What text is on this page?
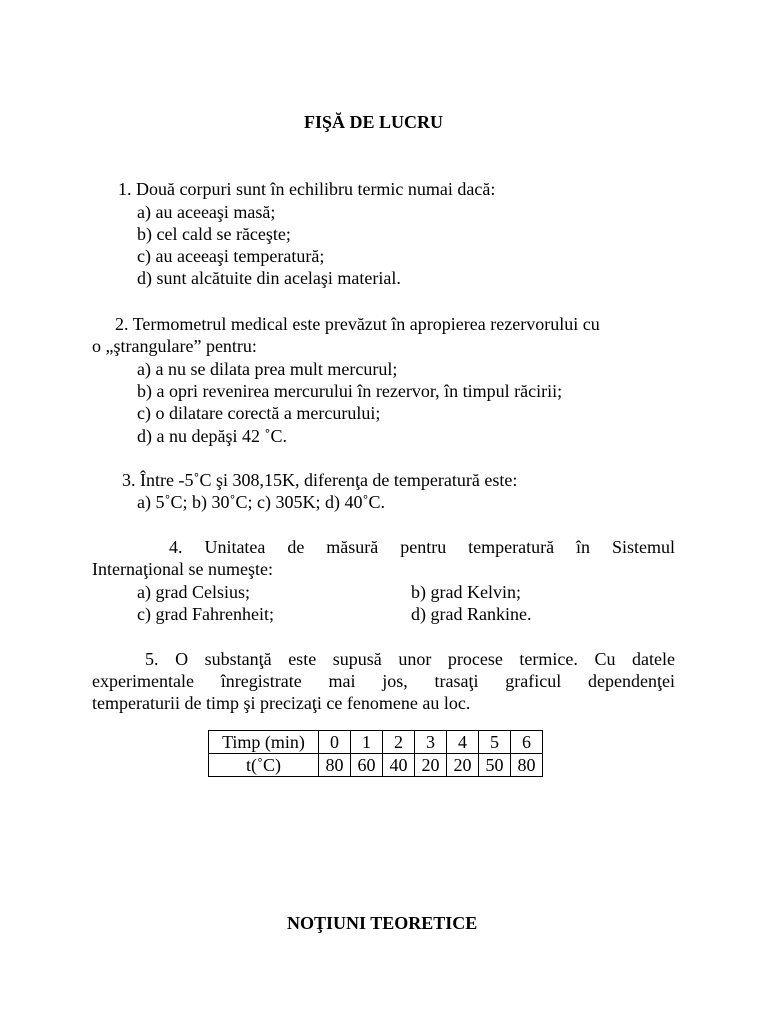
FIŞĂ DE LUCRU
1. Două corpuri sunt în echilibru termic numai dacă:
a) au aceeaşi masă;
b) cel cald se răceşte;
c) au aceeaşi temperatură;
d) sunt alcătuite din acelaşi material.
2. Termometrul medical este prevăzut în apropierea rezervorului cu
o „ştrangulare” pentru:
a) a nu se dilata prea mult mercurul;
b) a opri revenirea mercurului în rezervor, în timpul răcirii;
c) o dilatare corectă a mercurului;
d) a nu depăşi 42 ˚C.
3. Între -5˚C şi 308,15K, diferenţa de temperatură este:
a) 5˚C; b) 30˚C; c) 305K; d) 40˚C.
4. Unitatea de măsură pentru temperatură în Sistemul
Internaţional se numeşte:
a) grad Celsius;	b) grad Kelvin;
c) grad Fahrenheit;	d) grad Rankine.
5. O substanţă este supusă unor procese termice. Cu datele
experimentale înregistrate mai jos, trasaţi graficul dependenţei
temperaturii de timp şi precizaţi ce fenomene au loc.
Timp (min)	0	1	2	3	4	5	6
t(˚C)	80	60	40	20	20	50	80
NOŢIUNI TEORETICE
